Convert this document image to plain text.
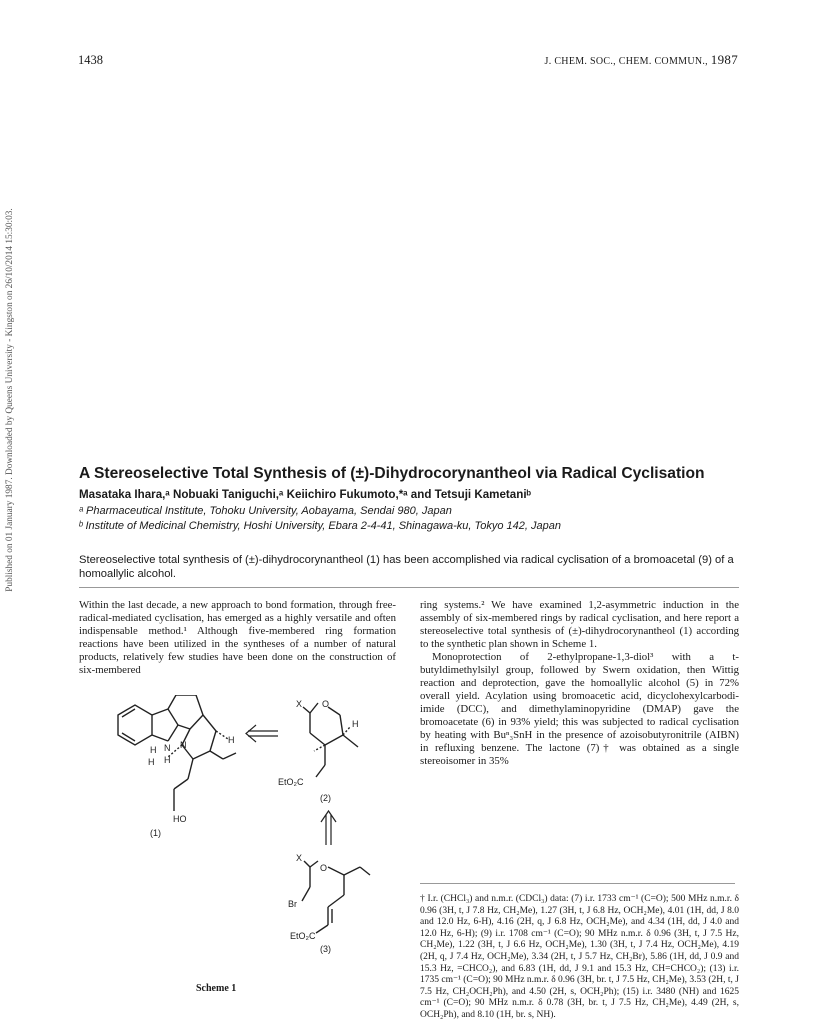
1438	J. CHEM. SOC., CHEM. COMMUN., 1987
Published on 01 January 1987. Downloaded by Queens University - Kingston on 26/10/2014 15:30:03.	A Stereoselective Total Synthesis of (±)-Dihydrocorynantheol via Radical Cyclisation
Masataka Ihara,ᵃ Nobuaki Taniguchi,ᵃ Keiichiro Fukumoto,*ᵃ and Tetsuji Kametaniᵇ
ᵃ Pharmaceutical Institute, Tohoku University, Aobayama, Sendai 980, Japan
ᵇ Institute of Medicinal Chemistry, Hoshi University, Ebara 2-4-41, Shinagawa-ku, Tokyo 142, Japan
Stereoselective total synthesis of (±)-dihydrocorynantheol (1) has been accomplished via radical cyclisation of a bromoacetal (9) of a homoallylic alcohol.
Within the last decade, a new approach to bond formation, through free-radical-mediated cyclisation, has emerged as a highly versatile and often indispensable method.¹ Although five-membered ring formation reactions have been utilized in the syntheses of a number of natural products, relatively few studies have been done on the construction of six-membered

ring systems.² We have examined 1,2-asymmetric induction in the assembly of six-membered rings by radical cyclisation, and here report a stereoselective total synthesis of (±)-dihydrocorynantheol (1) according to the synthetic plan shown in Scheme 1.

Monoprotection of 2-ethylpropane-1,3-diol³ with a t-butyldimethylsilyl group, followed by Swern oxidation, then Wittig reaction and deprotection, gave the homoallylic alcohol (5) in 72% overall yield. Acylation using bromoacetic acid, dicyclohexylcarbodi-imide (DCC), and dimethylaminopyridine (DMAP) gave the bromoacetate (6) in 93% yield; this was subjected to radical cyclisation by heating with Buⁿ₃SnH in the presence of azoisobutyronitrile (AIBN) in refluxing benzene. The lactone (7)† was obtained as a single stereoisomer in 35%

† I.r. (CHCl₃) and n.m.r. (CDCl₃) data: (7) i.r. 1733 cm⁻¹ (C=O); 500 MHz n.m.r. δ 0.96 (3H, t, J 7.8 Hz, CH₂Me), 1.27 (3H, t, J 6.8 Hz, OCH₂Me), 4.01 (1H, dd, J 8.0 and 12.0 Hz, 6-H), 4.16 (2H, q, J 6.8 Hz, OCH₂Me), and 4.34 (1H, dd, J 4.0 and 12.0 Hz, 6-H); (9) i.r. 1708 cm⁻¹ (C=O); 90 MHz n.m.r. δ 0.96 (3H, t, J 7.5 Hz, CH₂Me), 1.22 (3H, t, J 6.6 Hz, OCH₂Me), 1.30 (3H, t, J 7.4 Hz, OCH₂Me), 4.19 (2H, q, J 7.4 Hz, OCH₂Me), 3.34 (2H, t, J 5.7 Hz, CH₂Br), 5.86 (1H, dd, J 0.9 and 15.3 Hz, =CHCO₂), and 6.83 (1H, dd, J 9.1 and 15.3 Hz, CH=CHCO₂); (13) i.r. 1735 cm⁻¹ (C=O); 90 MHz n.m.r. δ 0.96 (3H, br. t, J 7.5 Hz, CH₂Me), 3.53 (2H, t, J 7.5 Hz, CH₂OCH₂Ph), and 4.50 (2H, s, OCH₂Ph); (15) i.r. 3480 (NH) and 1625 cm⁻¹ (C=O); 90 MHz n.m.r. δ 0.78 (3H, br. t, J 7.5 Hz, CH₂Me), 4.49 (2H, s, OCH₂Ph), and 8.10 (1H, br. s, NH).
N
N
H
H
H
H
HO
(1)
X O
H
EtO₂C
(2)
X
O
Br
EtO₂C
(3)
Scheme 1
